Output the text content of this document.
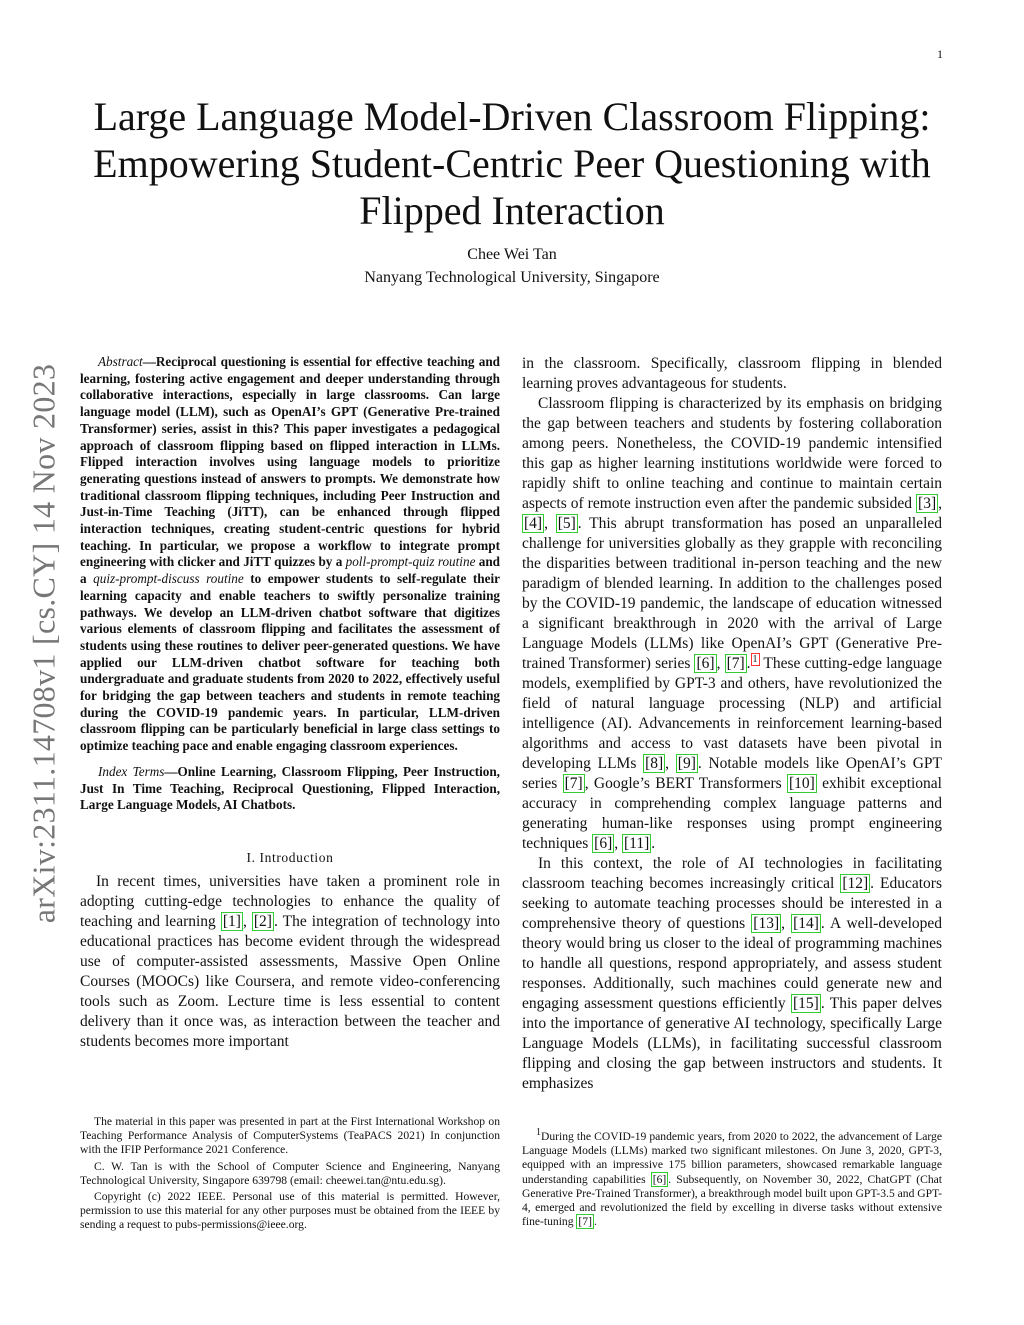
1
arXiv:2311.14708v1 [cs.CY] 14 Nov 2023
Large Language Model-Driven Classroom Flipping:
Empowering Student-Centric Peer Questioning with
Flipped Interaction
Chee Wei Tan
Nanyang Technological University, Singapore

Abstract—Reciprocal questioning is essential for effective teaching and learning, fostering active engagement and deeper understanding through collaborative interactions, especially in large classrooms. Can large language model (LLM), such as OpenAI’s GPT (Generative Pre-trained Transformer) series, assist in this? This paper investigates a pedagogical approach of classroom flipping based on flipped interaction in LLMs. Flipped interaction involves using language models to prioritize generating questions instead of answers to prompts. We demonstrate how traditional classroom flipping techniques, including Peer Instruction and Just-in-Time Teaching (JiTT), can be enhanced through flipped interaction techniques, creating student-centric questions for hybrid teaching. In particular, we propose a workflow to integrate prompt engineering with clicker and JiTT quizzes by a poll-prompt-quiz routine and a quiz-prompt-discuss routine to empower students to self-regulate their learning capacity and enable teachers to swiftly personalize training pathways. We develop an LLM-driven chatbot software that digitizes various elements of classroom flipping and facilitates the assessment of students using these routines to deliver peer-generated questions. We have applied our LLM-driven chatbot software for teaching both undergraduate and graduate students from 2020 to 2022, effectively useful for bridging the gap between teachers and students in remote teaching during the COVID-19 pandemic years. In particular, LLM-driven classroom flipping can be particularly beneficial in large class settings to optimize teaching pace and enable engaging classroom experiences.

Index Terms—Online Learning, Classroom Flipping, Peer Instruction, Just In Time Teaching, Reciprocal Questioning, Flipped Interaction, Large Language Models, AI Chatbots.

I. Introduction

In recent times, universities have taken a prominent role in adopting cutting-edge technologies to enhance the quality of teaching and learning [1] , [2] . The integration of technology into educational practices has become evident through the widespread use of computer-assisted assessments, Massive Open Online Courses (MOOCs) like Coursera, and remote video-conferencing tools such as Zoom. Lecture time is less essential to content delivery than it once was, as interaction between the teacher and students becomes more important

in the classroom. Specifically, classroom flipping in blended learning proves advantageous for students.

Classroom flipping is characterized by its emphasis on bridging the gap between teachers and students by fostering collaboration among peers. Nonetheless, the COVID-19 pandemic intensified this gap as higher learning institutions worldwide were forced to rapidly shift to online teaching and continue to maintain certain aspects of remote instruction even after the pandemic subsided [3] , [4] , [5] . This abrupt transformation has posed an unparalleled challenge for universities globally as they grapple with reconciling the disparities between traditional in-person teaching and the new paradigm of blended learning. In addition to the challenges posed by the COVID-19 pandemic, the landscape of education witnessed a significant breakthrough in 2020 with the arrival of Large Language Models (LLMs) like OpenAI’s GPT (Generative Pre-trained Transformer) series [6] , [7] . $^1$ These cutting-edge language models, exemplified by GPT-3 and others, have revolutionized the field of natural language processing (NLP) and artificial intelligence (AI). Advancements in reinforcement learning-based algorithms and access to vast datasets have been pivotal in developing LLMs [8] , [9] . Notable models like OpenAI’s GPT series [7] , Google’s BERT Transformers [10] exhibit exceptional accuracy in comprehending complex language patterns and generating human-like responses using prompt engineering techniques [6] , [11] .

In this context, the role of AI technologies in facilitating classroom teaching becomes increasingly critical [12] . Educators seeking to automate teaching processes should be interested in a comprehensive theory of questions [13] , [14] . A well-developed theory would bring us closer to the ideal of programming machines to handle all questions, respond appropriately, and assess student responses. Additionally, such machines could generate new and engaging assessment questions efficiently [15] . This paper delves into the importance of generative AI technology, specifically Large Language Models (LLMs), in facilitating successful classroom flipping and closing the gap between instructors and students. It emphasizes

The material in this paper was presented in part at the First International Workshop on Teaching Performance Analysis of ComputerSystems (TeaPACS 2021) In conjunction with the IFIP Performance 2021 Conference.

C. W. Tan is with the School of Computer Science and Engineering, Nanyang Technological University, Singapore 639798 (email: cheewei.tan@ntu.edu.sg).

Copyright (c) 2022 IEEE. Personal use of this material is permitted. However, permission to use this material for any other purposes must be obtained from the IEEE by sending a request to pubs-permissions@ieee.org.

$^1$During the COVID-19 pandemic years, from 2020 to 2022, the advancement of Large Language Models (LLMs) marked two significant milestones. On June 3, 2020, GPT-3, equipped with an impressive 175 billion parameters, showcased remarkable language understanding capabilities [6] . Subsequently, on November 30, 2022, ChatGPT (Chat Generative Pre-Trained Transformer), a breakthrough model built upon GPT-3.5 and GPT-4, emerged and revolutionized the field by excelling in diverse tasks without extensive fine-tuning [7] .
